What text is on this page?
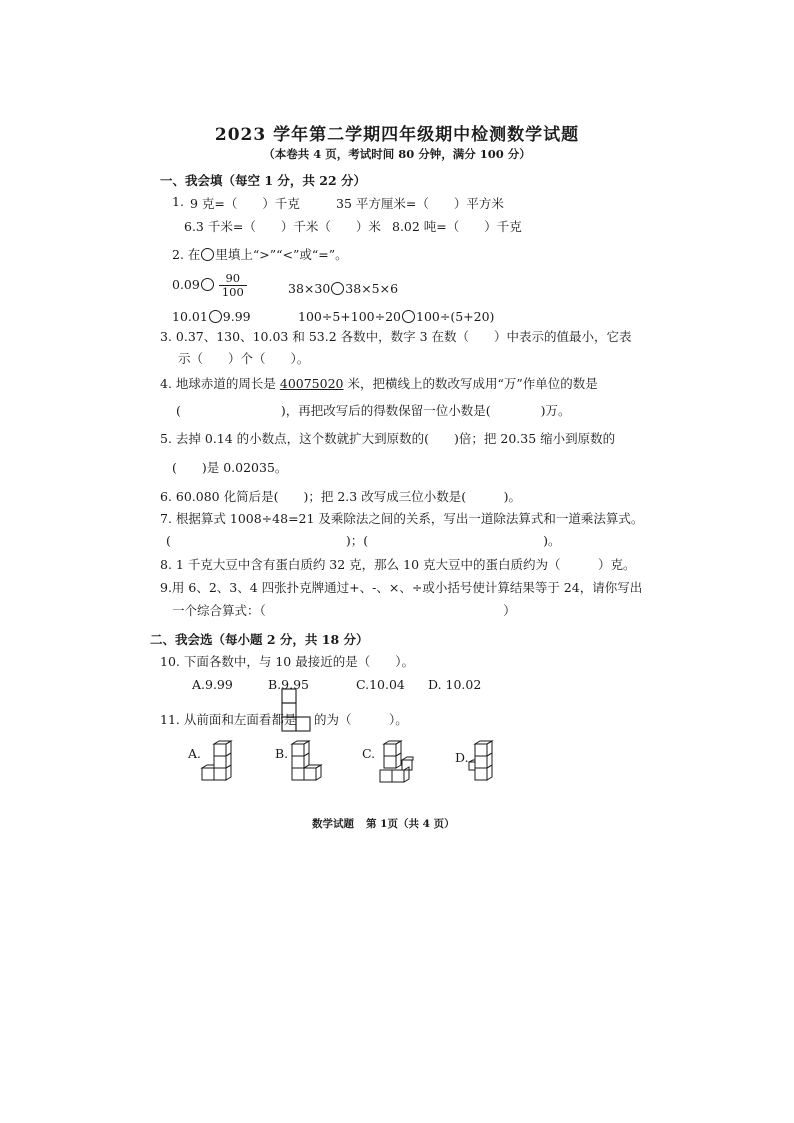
2023 学年第二学期四年级期中检测数学试题
（本卷共 4 页，考试时间 80 分钟，满分 100 分）
一、我会填（每空 1 分，共 22 分）
1. 9 克=（　　）千克	35 平方厘米=（　　）平方米
6.3 千米=（　　）千米（　　）米 8.02 吨=（　　）千克
2. 在 里填上“>”“<”或“=”。
$0.09 \frac{90}{100}$	38×30 38×5×6
10.01 9.99	100÷5+100÷20 100÷(5+20)
3. 0.37、130、10.03 和 53.2 各数中，数字 3 在数（　　）中表示的值最小，它表
示（　　）个（　　）。
4. 地球赤道的周长是 40075020 米，把横线上的数改写成用“万”作单位的数是
(　　　　　　　　)，再把改写后的得数保留一位小数是(　　　　)万。
5. 去掉 0.14 的小数点，这个数就扩大到原数的(　　)倍；把 20.35 缩小到原数的
(　　)是 0.02035。
6. 60.080 化简后是(　　)；把 2.3 改写成三位小数是(　　　)。
7. 根据算式 1008÷48=21 及乘除法之间的关系，写出一道除法算式和一道乘法算式。
(　　　　　　　　　　　　　　)；(　　　　　　　　　　　　　　)。
8. 1 千克大豆中含有蛋白质约 32 克，那么 10 克大豆中的蛋白质约为（　　　）克。
9.用 6、2、3、4 四张扑克牌通过+、-、×、÷或小括号使计算结果等于 24，请你写出
一个综合算式：（　　　　　　　　　　　　　　　　　　　）
二、我会选（每小题 2 分，共 18 分）
10. 下面各数中，与 10 最接近的是（　　）。
A.9.99	B.9.95	C.10.04 D. 10.02
11. 从前面和左面看都是 的为（　　　）。
A.	B.	C.	D.
数学试题 第 1页（共 4 页）
